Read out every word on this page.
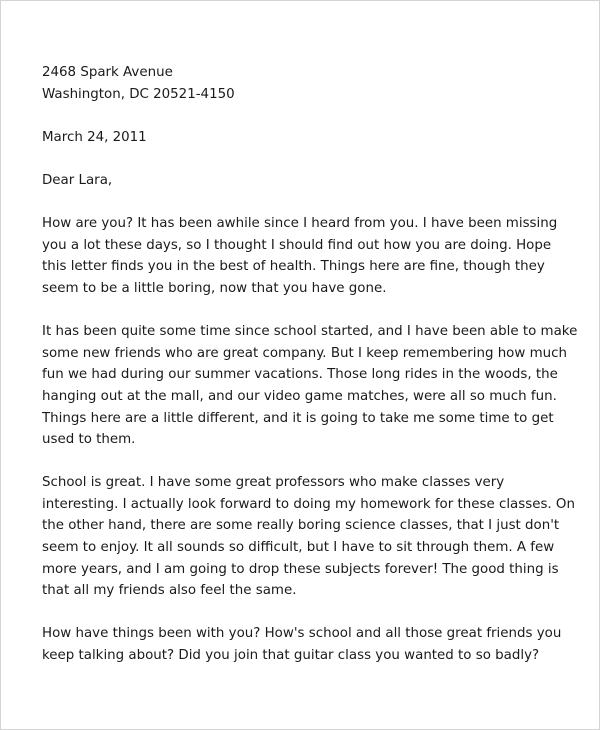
2468 Spark Avenue
Washington, DC 20521-4150
March 24, 2011
Dear Lara,
How are you? It has been awhile since I heard from you. I have been missing
you a lot these days, so I thought I should find out how you are doing. Hope
this letter finds you in the best of health. Things here are fine, though they
seem to be a little boring, now that you have gone.
It has been quite some time since school started, and I have been able to make
some new friends who are great company. But I keep remembering how much
fun we had during our summer vacations. Those long rides in the woods, the
hanging out at the mall, and our video game matches, were all so much fun.
Things here are a little different, and it is going to take me some time to get
used to them.
School is great. I have some great professors who make classes very
interesting. I actually look forward to doing my homework for these classes. On
the other hand, there are some really boring science classes, that I just don't
seem to enjoy. It all sounds so difficult, but I have to sit through them. A few
more years, and I am going to drop these subjects forever! The good thing is
that all my friends also feel the same.
How have things been with you? How's school and all those great friends you
keep talking about? Did you join that guitar class you wanted to so badly?
